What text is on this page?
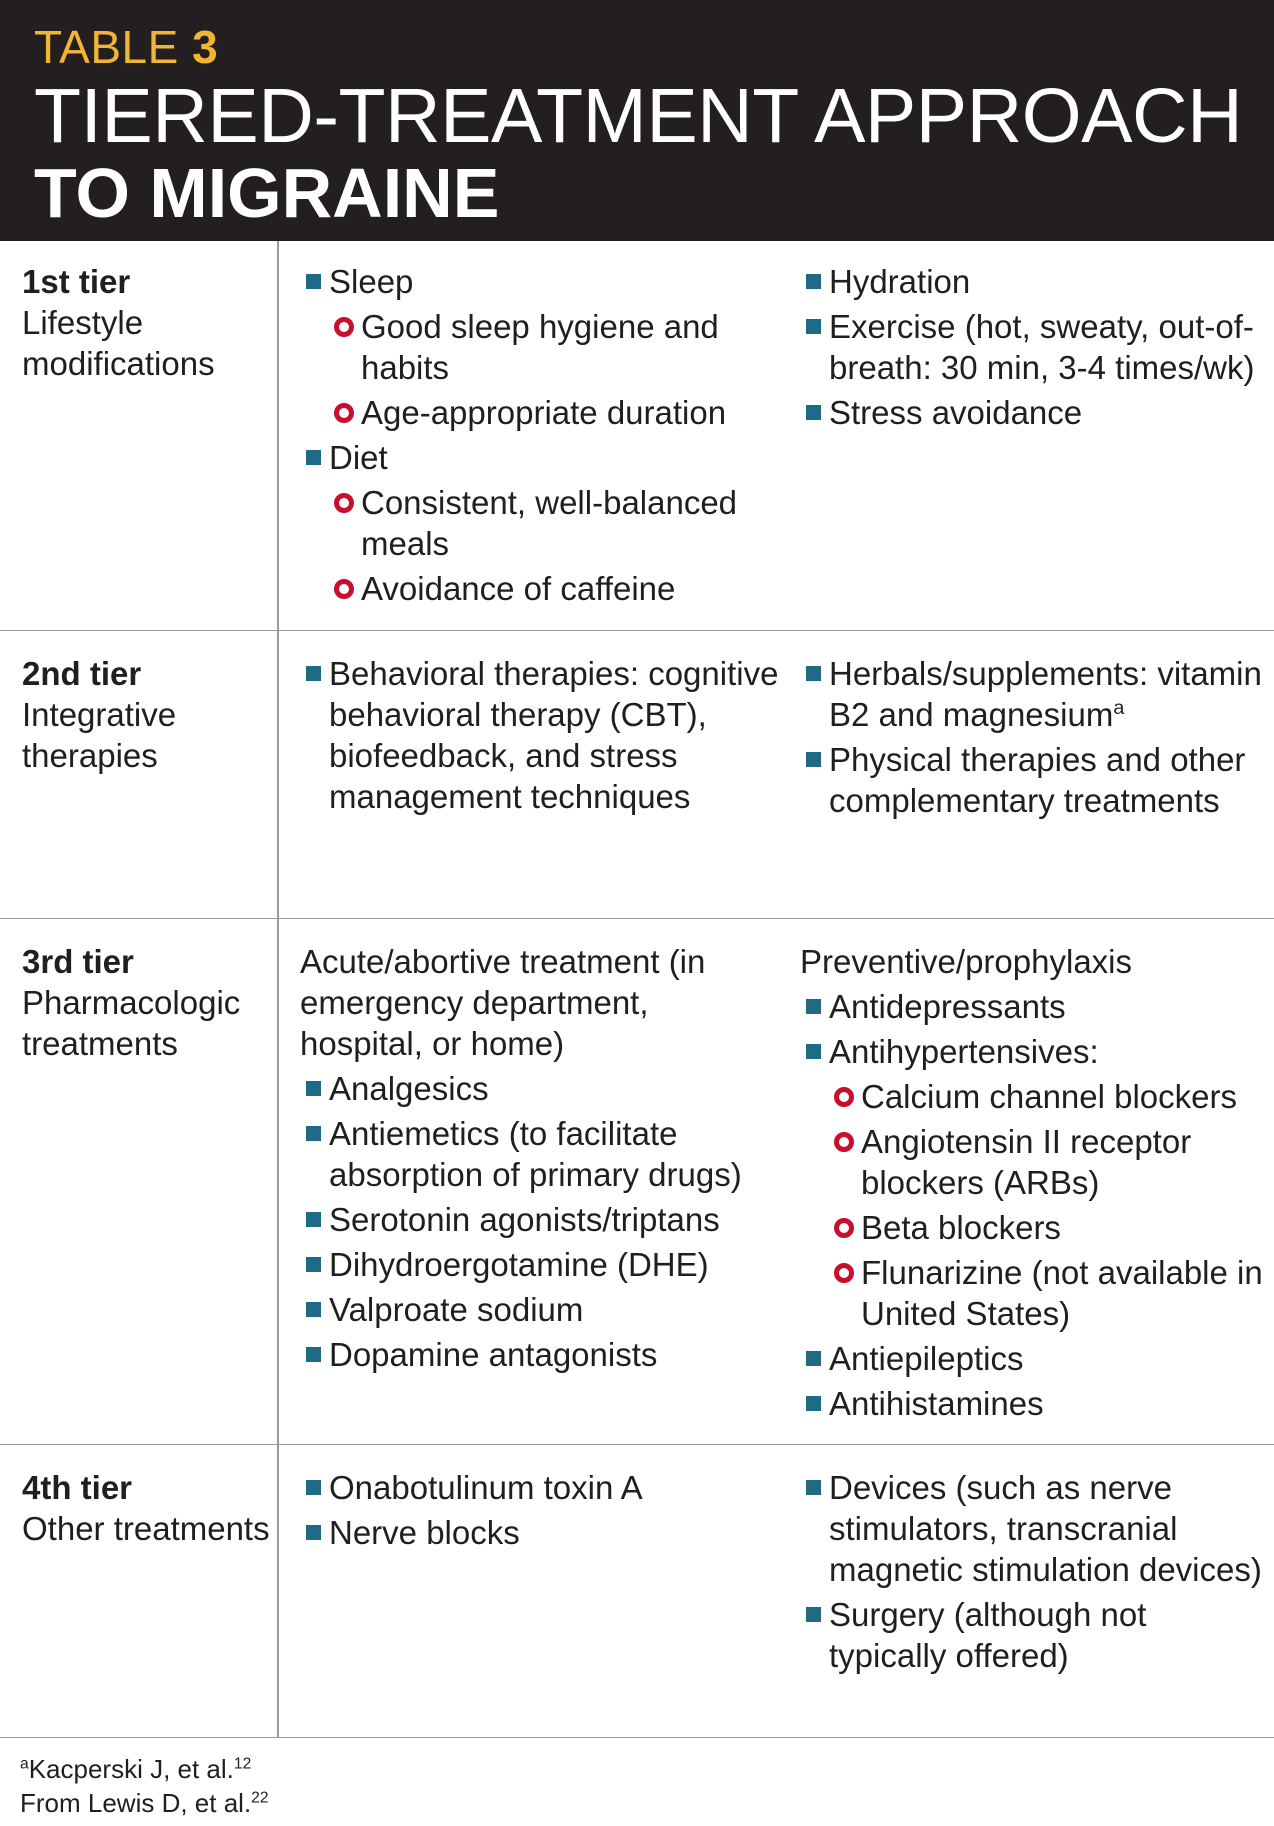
TABLE 3
TIERED-TREATMENT APPROACH
TO MIGRAINE
1st tier
Lifestyle modifications
Sleep
Good sleep hygiene and habits
Age-appropriate duration
Diet
Consistent, well-balanced meals
Avoidance of caffeine
Hydration
Exercise (hot, sweaty, out-of-breath: 30 min, 3-4 times/wk)
Stress avoidance
2nd tier
Integrative therapies
Behavioral therapies: cognitive behavioral therapy (CBT), biofeedback, and stress management techniques
Herbals/supplements: vitamin B2 and magnesium$^a$
Physical therapies and other complementary treatments
3rd tier
Pharmacologic treatments
Acute/abortive treatment (in emergency department, hospital, or home)
Analgesics
Antiemetics (to facilitate absorption of primary drugs)
Serotonin agonists/triptans
Dihydroergotamine (DHE)
Valproate sodium
Dopamine antagonists
Preventive/prophylaxis
Antidepressants
Antihypertensives:
Calcium channel blockers
Angiotensin II receptor blockers (ARBs)
Beta blockers
Flunarizine (not available in United States)
Antiepileptics
Antihistamines
4th tier
Other treatments
Onabotulinum toxin A
Nerve blocks
Devices (such as nerve stimulators, transcranial magnetic stimulation devices)
Surgery (although not typically offered)
$^a$Kacperski J, et al.$^{12}$
From Lewis D, et al.$^{22}$
